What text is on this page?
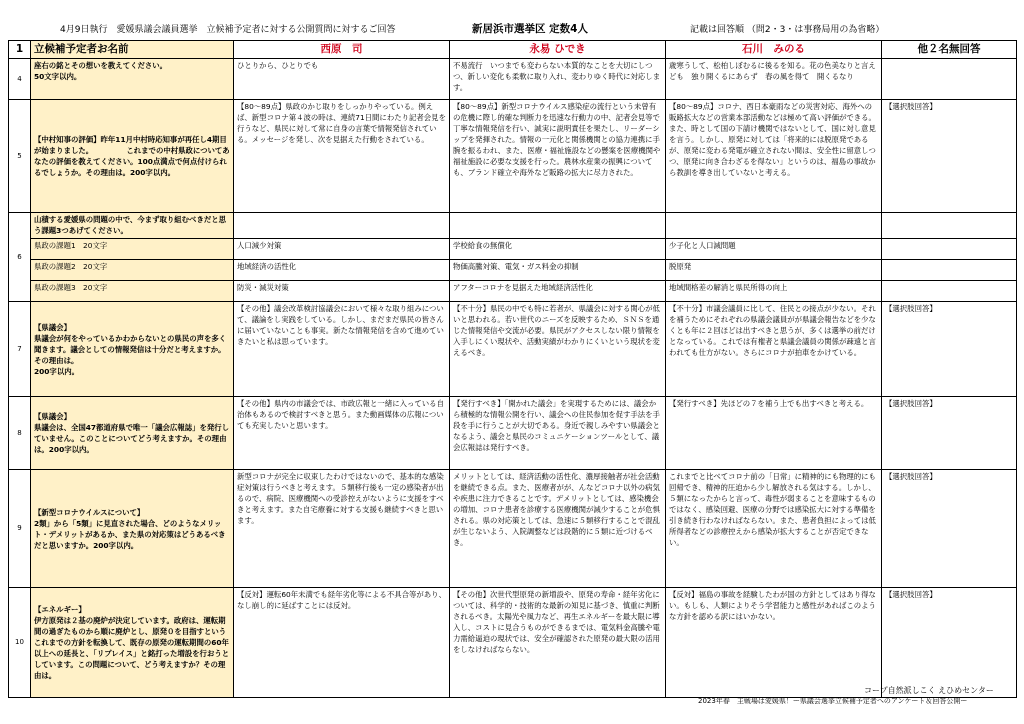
4月9日執行　愛媛県議会議員選挙　立候補予定者に対する公開質問に対するご回答	新居浜市選挙区 定数4人	記載は回答順 （問2・3・は事務局用の為省略）
1	立候補予定者お名前	西原　司	永易 ひでき	石川　みのる	他２名無回答
4	座右の銘とその想いを教えてください。
50文字以内。	ひとりから、ひとりでも	不易流行　いつまでも変わらない本質的なことを大切にしつつ、新しい変化も柔軟に取り入れ、変わりゆく時代に対応します。	歳寒うして、松柏しぼむるに後るを知る。花の色美なりと言えども　独り開くるにあらず　春の風を得て　開くるなり	
5	【中村知事の評価】昨年11月中村時応知事が再任し4期目が始まりました。　　　　　これまでの中村県政についてあなたの評価を教えてください。100点満点で何点付けられるでしょうか。その理由は。200字以内。	【80～89点】県政のかじ取りをしっかりやっている。例えば、新型コロナ第４波の時は、連続71日間にわたり記者会見を行うなど、県民に対して常に自身の言葉で情報発信されている。メッセージを発し、次を見据えた行動をされている。	【80～89点】新型コロナウイルス感染症の流行という未曾有の危機に際し的確な判断力を迅速な行動力の中、記者会見等で丁寧な情報発信を行い、誠実に説明責任を果たし、リーダーシップを発揮された。情報の一元化と関係機関との協力連携に手腕を振るわれ、また、医療・福祉施設などの懸案を医療機関や福祉施設に必要な支援を行った。農林水産業の振興についても、ブランド確立や海外など販路の拡大に尽力された。	【80～89点】コロナ、西日本豪雨などの災害対応、海外への販路拡大などの営業本部活動などは極めて高い評価ができる。また、時として国の下請け機関ではないとして、国に対し意見を言う。しかし、原発に対しては「将来的には脱原発であるが、原発に変わる発電が確立されない間は、安全性に留意しつつ、原発に向き合わざるを得ない」というのは、福島の事故から教訓を導き出していないと考える。	【選択肢回答】
6	山積する愛媛県の問題の中で、今まず取り組むべきだと思う課題3つあげてください。				
	県政の課題1　20文字	人口減少対策	学校給食の無償化	少子化と人口減問題	
	県政の課題2　20文字	地域経済の活性化	物価高騰対策、電気・ガス料金の抑制	脱原発	
	県政の課題3　20文字	防災・減災対策	アフターコロナを見据えた地域経済活性化	地域間格差の解消と県民所得の向上	
7	【県議会】
県議会が何をやっているかわからないとの県民の声を多く聞きます。議会としての情報発信は十分だと考えますか。その理由は。
200字以内。	【その他】議会改革検討協議会において様々な取り組みについて、議論をし実践をしている。しかし、まだまだ県民の皆さんに届いていないことも事実。新たな情報発信を含めて進めていきたいと私は思っています。	【不十分】県民の中でも特に若者が、県議会に対する関心が低いと思われる。若い世代のニーズを反映するため、ＳＮＳを通じた情報発信や交流が必要。県民がアクセスしない限り情報を入手しにくい現状や、活動実績がわかりにくいという現状を変えるべき。	【不十分】市議会議員に比して、住民との接点が少ない。それを補うためにそれぞれの県議会議員がが県議会報告などを少なくとも年に２回ほどは出すべきと思うが、多くは選挙の前だけとなっている。これでは有権者と県議会議員の関係が疎遠と言われても仕方がない。さらにコロナが拍車をかけている。	【選択肢回答】
8	【県議会】
県議会は、全国47都道府県で唯一「議会広報誌」を発行していません。このことについてどう考えますか。その理由は。200字以内。	【その他】県内の市議会では、市政広報と一緒に入っている自治体もあるので検討すべきと思う。また動画媒体の広報についても充実したいと思います。	【発行すべき】「開かれた議会」を実現するためには、議会から積極的な情報公開を行い、議会への住民参加を促す手法を手段を手に行うことが大切である。身近で親しみやすい県議会となるよう、議会と県民のコミュニケーションツールとして、議会広報誌は発行すべき。	【発行すべき】先ほどの７を補う上でも出すべきと考える。	【選択肢回答】
9	【新型コロナウイルスについて】
2類」から「5類」に見直された場合、どのようなメリット・デメリットがあるか、また県の対応策はどうあるべきだと思いますか。200字以内。	新型コロナが完全に収束したわけではないので、基本的な感染症対策は行うべきと考えます。５類移行後も一定の感染者が出るので、病院、医療機関への受診控えがないように支援をすべきと考えます。また自宅療養に対する支援も継続すべきと思います。	メリットとしては、経済活動の活性化、濃厚接触者が社会活動を継続できる点。また、医療者がが、んなどコロナ以外の病気や疾患に注力できることです。デメリットとしては、感染機会の増加、コロナ患者を診療する医療機関が減少することが危惧される。県の対応策としては、急速に５類移行することで混乱が生じないよう、入院調整などは段階的に５類に近づけるべき。	これまでと比べてコロナ前の「日常」に精神的にも物理的にも回帰でき、精神的圧迫から少し解放される気はする。しかし、５類になったからと言って、毒性が弱まることを意味するものではなく、感染回避、医療の分野では感染拡大に対する準備を引き続き行わなければならない。また、患者負担によっては低所得者などの診療控えから感染が拡大することが否定できない。	【選択肢回答】
10	【エネルギー】
伊方原発は２基の廃炉が決定しています。政府は、運転期間の過ぎたものから順に廃炉とし、原発０を目指すというこれまでの方針を転換して、既存の原発の運転期間の60年以上への延長と、「リプレイス」と銘打った増設を行おうとしています。この問題について、どう考えますか？その理由は。	【反対】運転60年未満でも経年劣化等による不具合等があり、なし崩し的に延ばすことには反対。	【その他】次世代型原発の新増設や、原発の寿命・経年劣化については、科学的・技術的な最新の知見に基づき、慎重に判断されるべき。太陽光や風力など、再生エネルギーを最大限に導入し、コストに見合うものができるまでは、電気料金高騰や電力需給逼迫の現状では、安全が確認された原発の最大限の活用をしなければならない。	【反対】福島の事故を経験したわが国の方針としてはあり得ない。もしも、人類によりそう学習能力と感性があればこのような方針を認める訳にはいかない。	【選択肢回答】
コープ自然派しこく えひめセンター
2023年春　主戦場は愛媛県！ー県議会選挙立候補予定者へのアンケート＆回答公開ー
